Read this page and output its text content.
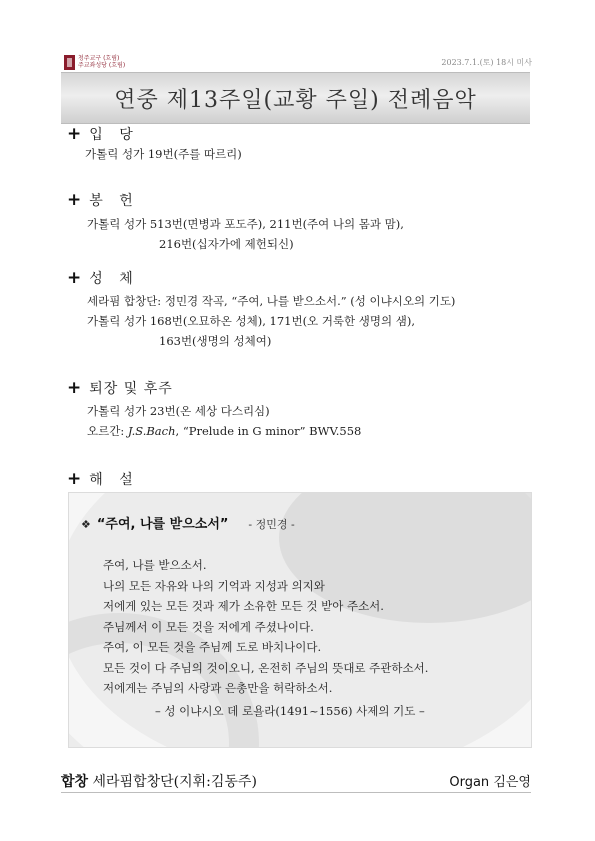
청주교구 (흐림)
주교좌성당 (흐림)	2023.7.1.(토) 18시 미사
연중 제13주일(교황 주일) 전례음악
+ 입 당
가톨릭 성가 19번(주를 따르리)
+ 봉 헌
가톨릭 성가 513번(면병과 포도주), 211번(주여 나의 몸과 맘),
216번(십자가에 제헌되신)
+ 성 체
세라핌 합창단: 정민경 작곡, “주여, 나를 받으소서.” (성 이냐시오의 기도)
가톨릭 성가 168번(오묘하온 성체), 171번(오 거룩한 생명의 샘),
163번(생명의 성체여)
+ 퇴장 및 후주
가톨릭 성가 23번(온 세상 다스리심)
오르간: J.S.Bach, “Prelude in G minor” BWV.558
+ 해 설
❖ “주여, 나를 받으소서” - 정민경 -
주여, 나를 받으소서.
나의 모든 자유와 나의 기억과 지성과 의지와
저에게 있는 모든 것과 제가 소유한 모든 것 받아 주소서.
주님께서 이 모든 것을 저에게 주셨나이다.
주여, 이 모든 것을 주님께 도로 바치나이다.
모든 것이 다 주님의 것이오니, 온전히 주님의 뜻대로 주관하소서.
저에게는 주님의 사랑과 은총만을 허락하소서.
– 성 이냐시오 데 로욜라(1491~1556) 사제의 기도 –
합창 세라핌합창단(지휘:김동주)	Organ 김은영
